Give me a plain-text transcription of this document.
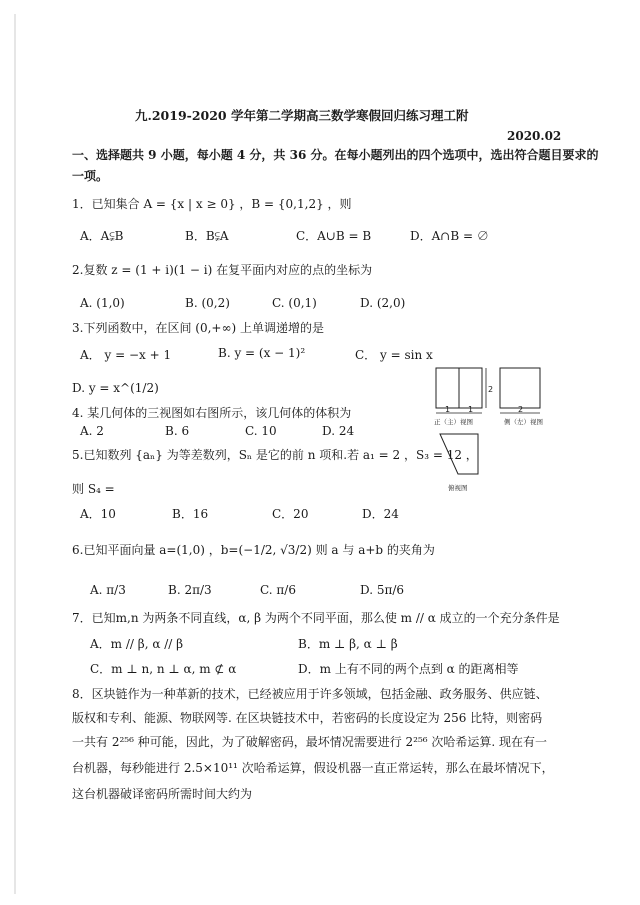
九.2019-2020 学年第二学期高三数学寒假回归练习理工附
2020.02
一、选择题共 9 小题，每小题 4 分，共 36 分。在每小题列出的四个选项中，选出符合题目要求的
一项。
1．已知集合 A = {x | x ≥ 0} ，B = {0,1,2} ，则
A．A⫋B	B．B⫋A	C．A∪B = B	D．A∩B = ∅
2.复数 z = (1 + i)(1 − i) 在复平面内对应的点的坐标为
A. (1,0)	B. (0,2)	C. (0,1)	D. (2,0)
3.下列函数中，在区间 (0,+∞) 上单调递增的是
A． y = −x + 1	B. y = (x − 1)²	C． y = sin x
D. y = x^(1/2)
4. 某几何体的三视图如右图所示，该几何体的体积为
A. 2	B. 6	C. 10	D. 24
5.已知数列 {aₙ} 为等差数列，Sₙ 是它的前 n 项和.若 a₁ = 2 ，S₃ = 12 ，
则 S₄ =
A．10	B．16	C．20	D．24
6.已知平面向量 a=(1,0) ，b=(−1/2, √3/2) 则 a 与 a+b 的夹角为
A. π/3	B. 2π/3	C. π/6	D. 5π/6
7．已知m,n 为两条不同直线，α, β 为两个不同平面，那么使 m // α 成立的一个充分条件是
A．m // β, α // β	B．m ⊥ β, α ⊥ β
C．m ⊥ n, n ⊥ α, m ⊄ α	D．m 上有不同的两个点到 α 的距离相等
8．区块链作为一种革新的技术，已经被应用于许多领域，包括金融、政务服务、供应链、
版权和专利、能源、物联网等. 在区块链技术中，若密码的长度设定为 256 比特，则密码
一共有 2²⁵⁶ 种可能，因此，为了破解密码，最坏情况需要进行 2²⁵⁶ 次哈希运算. 现在有一
台机器，每秒能进行 2.5×10¹¹ 次哈希运算，假设机器一直正常运转，那么在最坏情况下，
这台机器破译密码所需时间大约为
2
1 1
正（主）视图
2
侧（左）视图
俯视图
